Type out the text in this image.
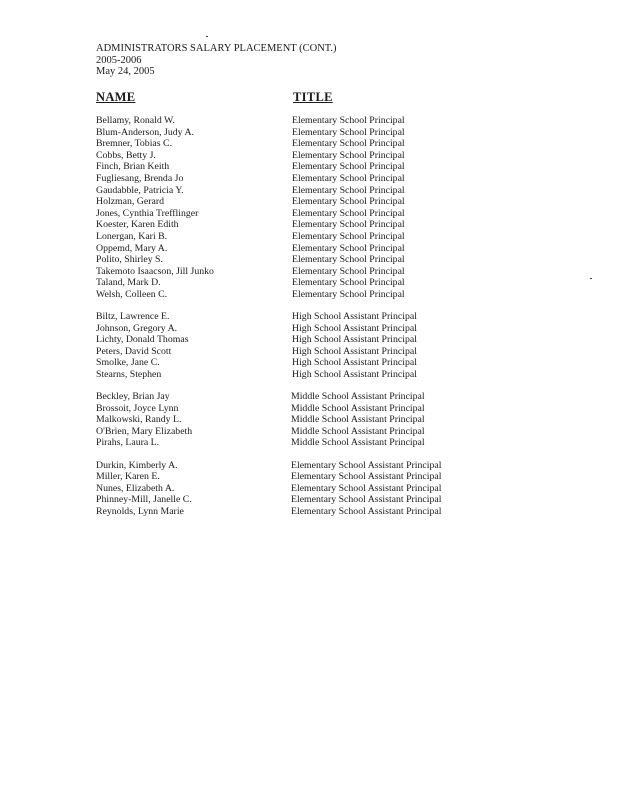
ADMINISTRATORS SALARY PLACEMENT (CONT.)
2005-2006
May 24, 2005
NAME	TITLE
Bellamy, Ronald W.	Elementary School Principal
Blum-Anderson, Judy A.	Elementary School Principal
Bremner, Tobias C.	Elementary School Principal
Cobbs, Betty J.	Elementary School Principal
Finch, Brian Keith	Elementary School Principal
Fugliesang, Brenda Jo	Elementary School Principal
Gaudabble, Patricia Y.	Elementary School Principal
Holzman, Gerard	Elementary School Principal
Jones, Cynthia Trefflinger	Elementary School Principal
Koester, Karen Edith	Elementary School Principal
Lonergan, Kari B.	Elementary School Principal
Oppemd, Mary A.	Elementary School Principal
Polito, Shirley S.	Elementary School Principal
Takemoto Isaacson, Jill Junko	Elementary School Principal
Taland, Mark D.	Elementary School Principal
Welsh, Colleen C.	Elementary School Principal
Biltz, Lawrence E.	High School Assistant Principal
Johnson, Gregory A.	High School Assistant Principal
Lichty, Donald Thomas	High School Assistant Principal
Peters, David Scott	High School Assistant Principal
Smolke, Jane C.	High School Assistant Principal
Stearns, Stephen	High School Assistant Principal
Beckley, Brian Jay	Middle School Assistant Principal
Brossoit, Joyce Lynn	Middle School Assistant Principal
Malkowski, Randy L.	Middle School Assistant Principal
O'Brien, Mary Elizabeth	Middle School Assistant Principal
Pirahs, Laura L.	Middle School Assistant Principal
Durkin, Kimberly A.	Elementary School Assistant Principal
Miller, Karen E.	Elementary School Assistant Principal
Nunes, Elizabeth A.	Elementary School Assistant Principal
Phinney-Mill, Janelle C.	Elementary School Assistant Principal
Reynolds, Lynn Marie	Elementary School Assistant Principal
